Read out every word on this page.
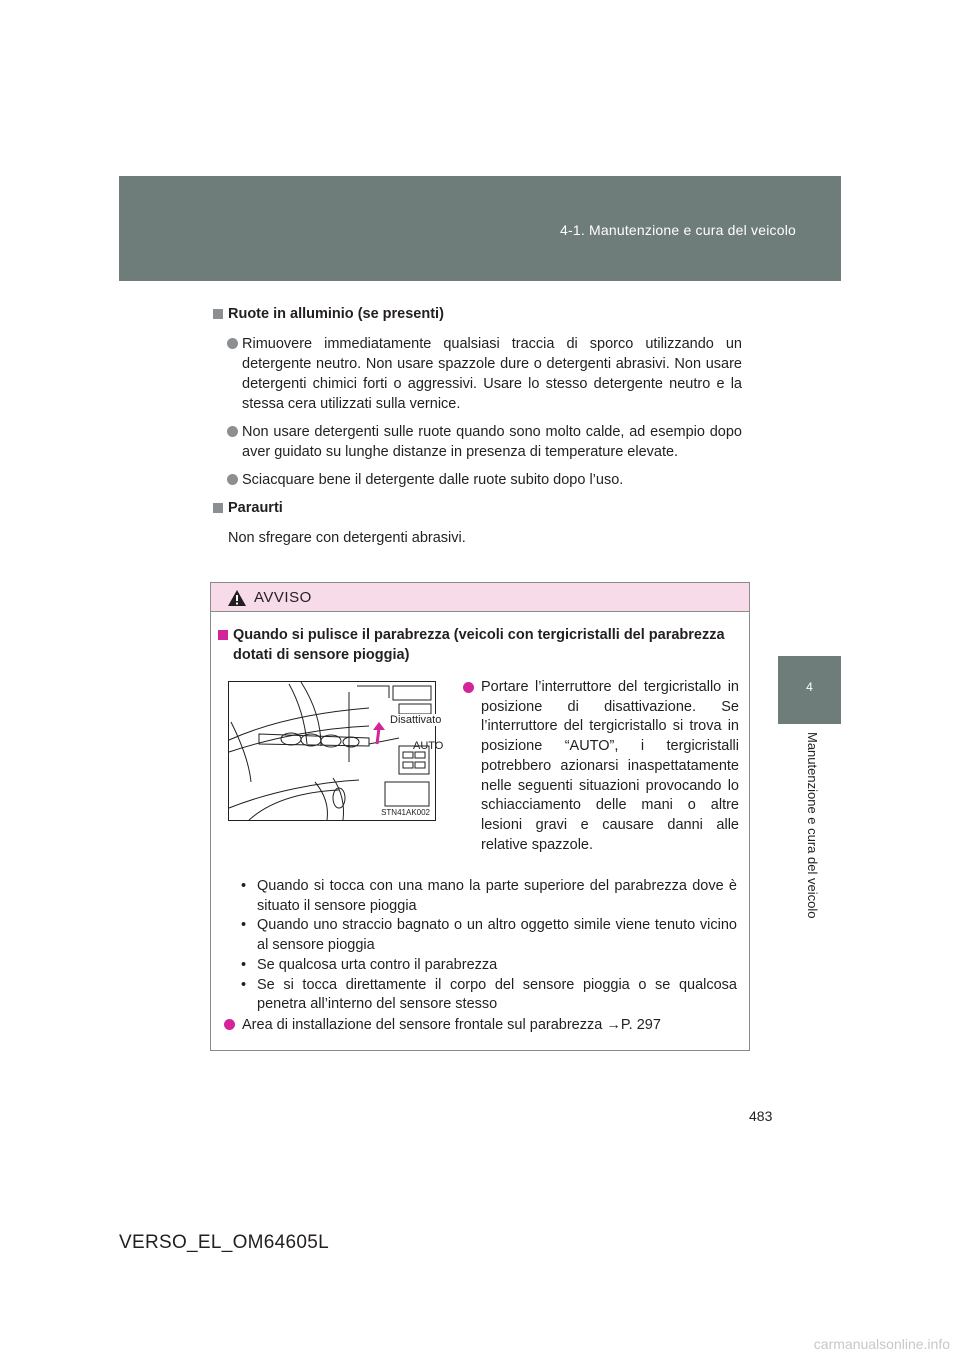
4-1. Manutenzione e cura del veicolo
4
Manutenzione e cura del veicolo
Ruote in alluminio (se presenti)
Rimuovere immediatamente qualsiasi traccia di sporco utilizzando un detergente neutro. Non usare spazzole dure o detergenti abrasivi. Non usare detergenti chimici forti o aggressivi. Usare lo stesso detergente neutro e la stessa cera utilizzati sulla vernice.
Non usare detergenti sulle ruote quando sono molto calde, ad esempio dopo aver guidato su lunghe distanze in presenza di temperature elevate.
Sciacquare bene il detergente dalle ruote subito dopo l’uso.
Paraurti
Non sfregare con detergenti abrasivi.
AVVISO
Quando si pulisce il parabrezza (veicoli con tergicristalli del parabrezza dotati di sensore pioggia)
Disattivato
AUTO
STN41AK002
Portare l’interruttore del tergicristallo in posizione di disattivazione. Se l’interruttore del tergicristallo si trova in posizione “AUTO”, i tergicristalli potrebbero azionarsi inaspettatamente nelle seguenti situazioni provocando lo schiacciamento delle mani o altre lesioni gravi e causare danni alle relative spazzole.
• Quando si tocca con una mano la parte superiore del parabrezza dove è situato il sensore pioggia
• Quando uno straccio bagnato o un altro oggetto simile viene tenuto vicino al sensore pioggia
• Se qualcosa urta contro il parabrezza
• Se si tocca direttamente il corpo del sensore pioggia o se qualcosa penetra all’interno del sensore stesso
Area di installazione del sensore frontale sul parabrezza →P. 297
483
VERSO_EL_OM64605L
carmanualsonline.info
